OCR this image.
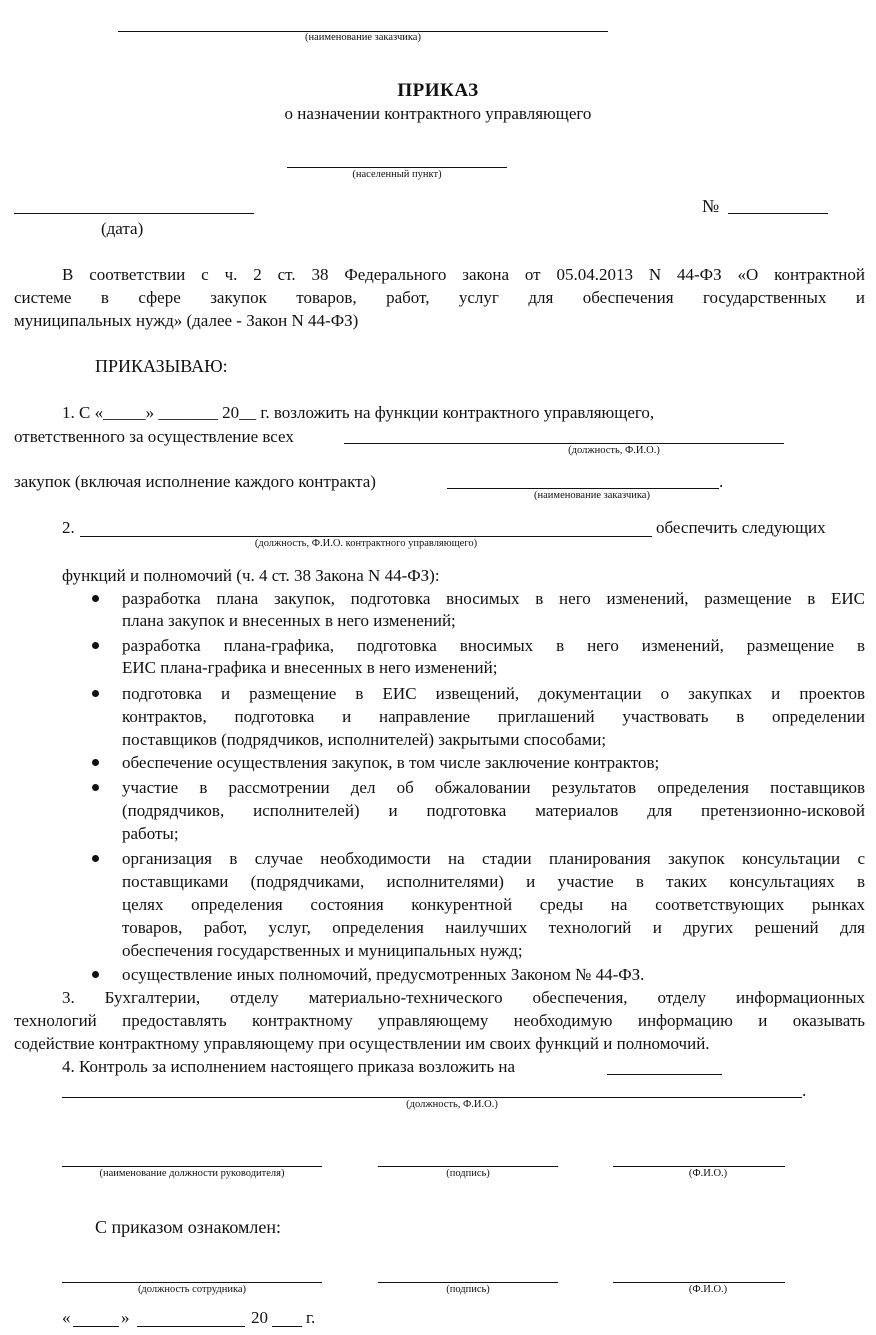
(наименование заказчика)
ПРИКАЗ
о назначении контрактного управляющего
(населенный пункт)
№
(дата)
В соответствии с ч. 2 ст. 38 Федерального закона от 05.04.2013 N 44-ФЗ «О контрактной
системе в сфере закупок товаров, работ, услуг для обеспечения государственных и
муниципальных нужд» (далее - Закон N 44-ФЗ)
ПРИКАЗЫВАЮ:
1. С «_____» _______ 20__ г. возложить на функции контрактного управляющего,
ответственного за осуществление всех
(должность, Ф.И.О.)
закупок (включая исполнение каждого контракта)	.
(наименование заказчика)
2.	обеспечить следующих
(должность, Ф.И.О. контрактного управляющего)
функций и полномочий (ч. 4 ст. 38 Закона N 44-ФЗ):
разработка плана закупок, подготовка вносимых в него изменений, размещение в ЕИС
плана закупок и внесенных в него изменений;
разработка плана-графика, подготовка вносимых в него изменений, размещение в
ЕИС плана-графика и внесенных в него изменений;
подготовка и размещение в ЕИС извещений, документации о закупках и проектов
контрактов, подготовка и направление приглашений участвовать в определении
поставщиков (подрядчиков, исполнителей) закрытыми способами;
обеспечение осуществления закупок, в том числе заключение контрактов;
участие в рассмотрении дел об обжаловании результатов определения поставщиков
(подрядчиков, исполнителей) и подготовка материалов для претензионно-исковой
работы;
организация в случае необходимости на стадии планирования закупок консультации с
поставщиками (подрядчиками, исполнителями) и участие в таких консультациях в
целях определения состояния конкурентной среды на соответствующих рынках
товаров, работ, услуг, определения наилучших технологий и других решений для
обеспечения государственных и муниципальных нужд;
осуществление иных полномочий, предусмотренных Законом № 44-ФЗ.
3. Бухгалтерии, отделу материально-технического обеспечения, отделу информационных
технологий предоставлять контрактному управляющему необходимую информацию и оказывать
содействие контрактному управляющему при осуществлении им своих функций и полномочий.
4. Контроль за исполнением настоящего приказа возложить на
.
(должность, Ф.И.О.)
(наименование должности руководителя)	(подпись)	(Ф.И.О.)
С приказом ознакомлен:
(должность сотрудника)	(подпись)	(Ф.И.О.)
«	»	20 г.
